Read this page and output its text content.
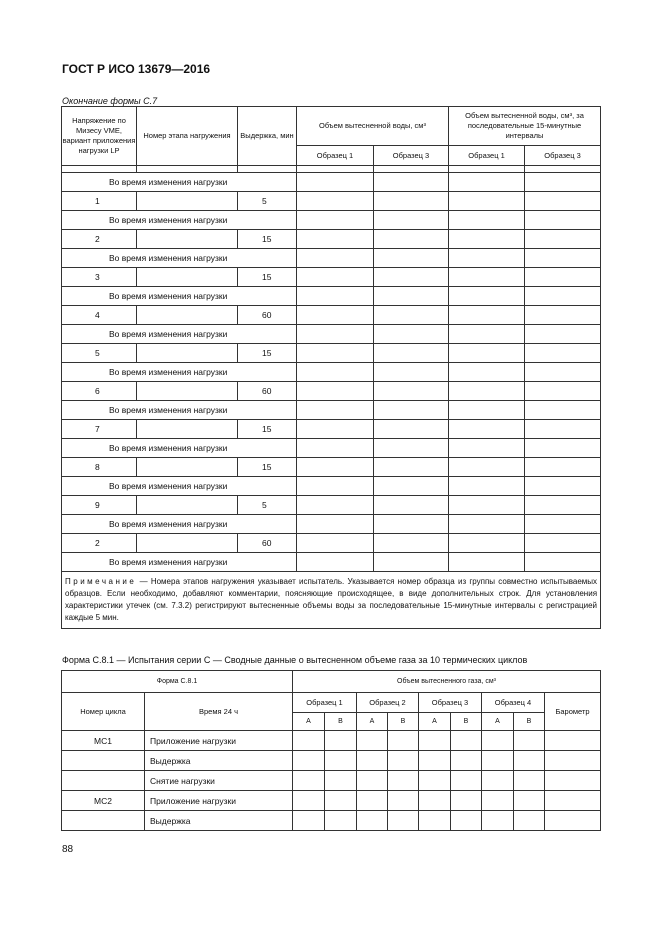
ГОСТ Р ИСО 13679—2016
Окончание формы С.7
Напряжение по Мизесу VME, вариант приложения нагрузки LP	Номер этапа нагружения	Выдержка, мин	Объем вытесненной воды, см³		Объем вытесненной воды, см³, за последовательные 15-минутные интервалы	
			Образец 1	Образец 3	Образец 1	Образец 3

Во время изменения нагрузки						
1		5				
Во время изменения нагрузки						
2		15				
Во время изменения нагрузки						
3		15				
Во время изменения нагрузки						
4		60				
Во время изменения нагрузки						
5		15				
Во время изменения нагрузки						
6		60				
Во время изменения нагрузки						
7		15				
Во время изменения нагрузки						
8		15				
Во время изменения нагрузки						
9		5				
Во время изменения нагрузки						
2		60				
Во время изменения нагрузки						
Примечание — Номера этапов нагружения указывает испытатель. Указывается номер образца из группы совместно испытываемых образцов. Если необходимо, добавляют комментарии, поясняющие происходящее, в виде дополнительных строк. Для установления характеристики утечек (см. 7.3.2) регистрируют вытесненные объемы воды за последовательные 15-минутные интервалы с регистрацией каждые 5 мин.						
Форма С.8.1 — Испытания серии С — Сводные данные о вытесненном объеме газа за 10 термических циклов
Форма С.8.1		Объем вытесненного газа, см³								
Номер цикла	Время 24 ч	Образец 1		Образец 2		Образец 3		Образец 4		Барометр
		А	В	А	В	А	В	А	В	
МС1	Приложение нагрузки									
	Выдержка									
	Снятие нагрузки									
МС2	Приложение нагрузки									
	Выдержка									
88
